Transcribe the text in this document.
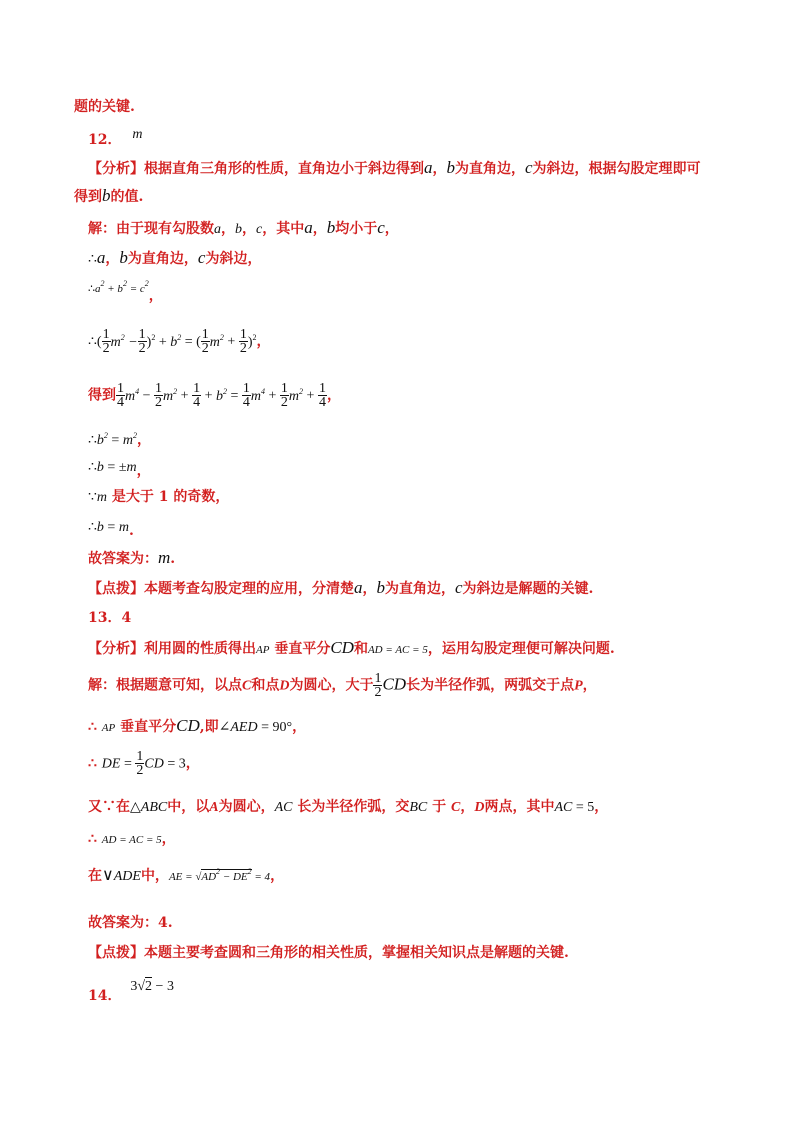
题的关键.
12． m
【分析】根据直角三角形的性质，直角边小于斜边得到a，b为直角边，c为斜边，根据勾股定理即可
得到b的值.
解：由于现有勾股数a，b，c，其中a，b均小于c，
∴a，b为直角边，c为斜边，
$\therefore a^2 + b^2 = c^2$，
∴( $\frac{1}{2} m^2 - \frac{1}{2} )^2 + b^2$ = ( $\frac{1}{2} m^2 + \frac{1}{2} )^2$，
得到 $\frac{1}{4} m^4 - \frac{1}{2} m^2 + \frac{1}{4} + b^2 = \frac{1}{4} m^4 + \frac{1}{2} m^2 + \frac{1}{4}$ ，
$\therefore b^2 = m^2$，
∴b = ±m，
∵m 是大于 1 的奇数，
∴b = m.
故答案为：m.
【点拨】本题考查勾股定理的应用，分清楚a，b为直角边，c为斜边是解题的关键.
13．4
【分析】利用圆的性质得出AP 垂直平分CD和AD = AC = 5，运用勾股定理便可解决问题.
解：根据题意可知，以点C和点D为圆心，大于 $\frac{1}{2}$ CD长为半径作弧，两弧交于点P，
∴ AP 垂直平分CD,即∠AED = 90°，
∴ DE = $\frac{1}{2}$ CD = 3，
又∵在△ABC中，以A为圆心，AC 长为半径作弧，交BC 于 C，D两点，其中AC = 5，
∴ AD = AC = 5，
在∨ADE中，AE = $√AD^2 - DE^2 = 4$，
故答案为：4.
【点拨】本题主要考查圆和三角形的相关性质，掌握相关知识点是解题的关键.
14． 3√2 − 3
